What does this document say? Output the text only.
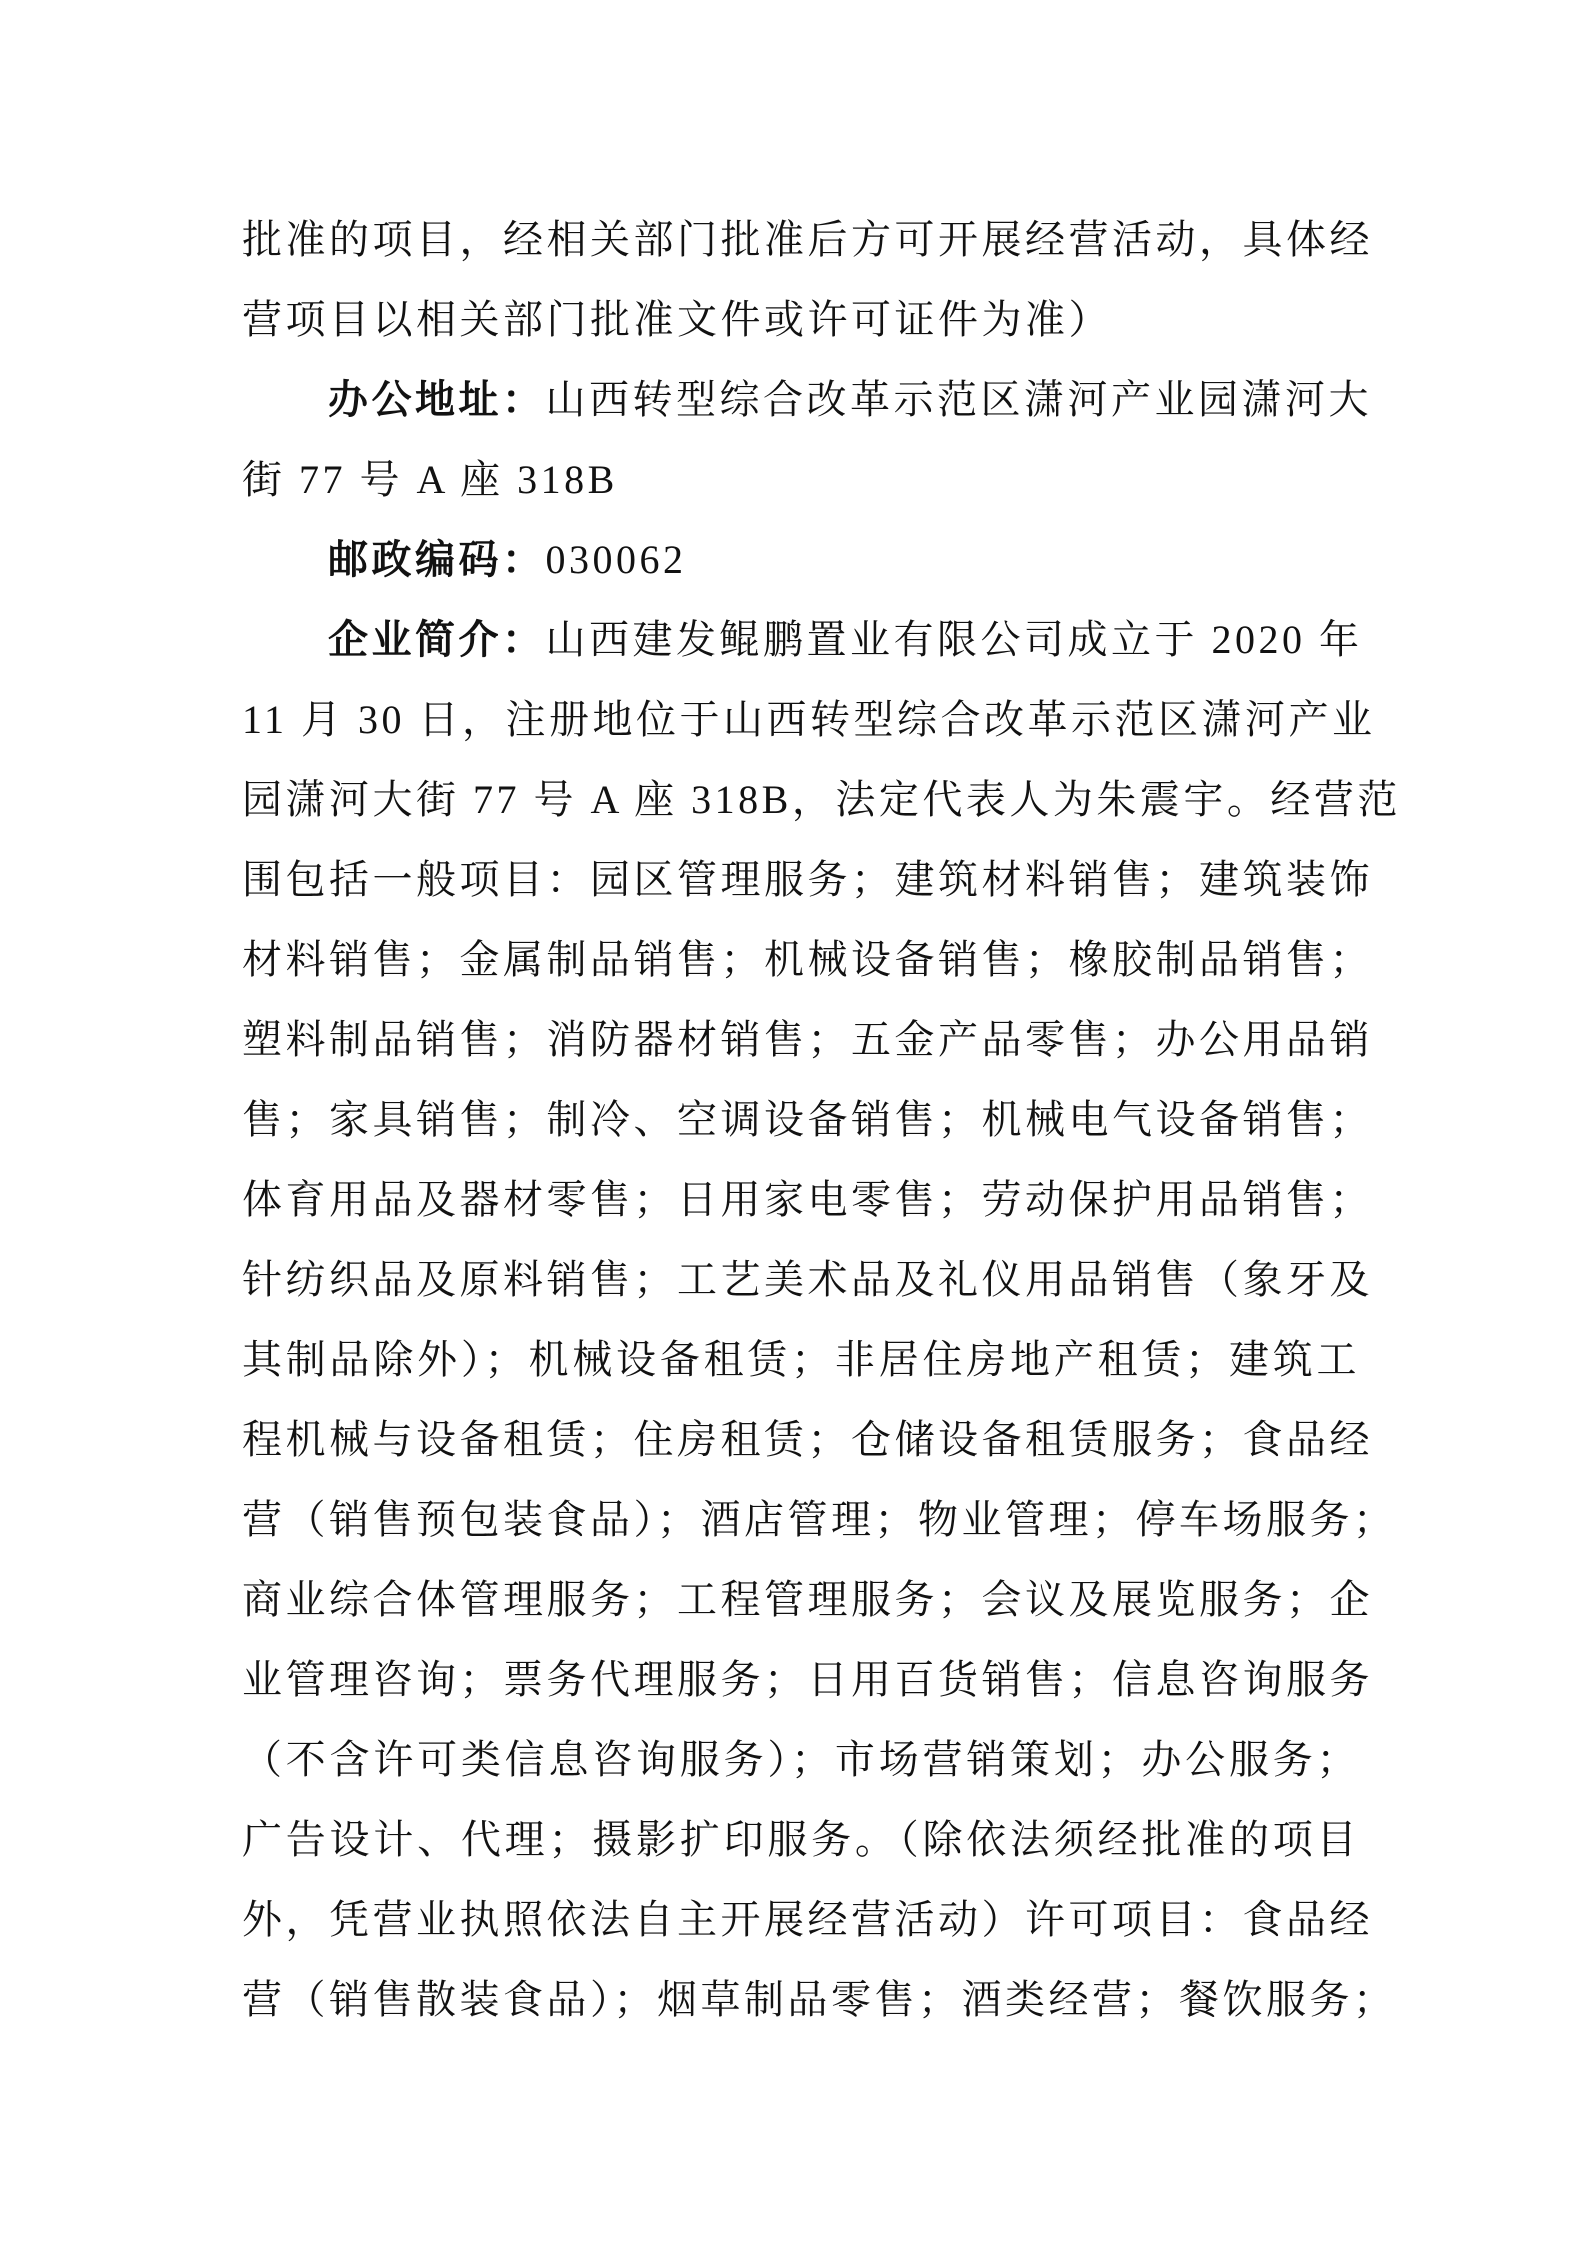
批准的项目，经相关部门批准后方可开展经营活动，具体经
营项目以相关部门批准文件或许可证件为准）
办公地址：山西转型综合改革示范区潇河产业园潇河大
街 77 号 A 座 318B
邮政编码：030062
企业简介：山西建发鲲鹏置业有限公司成立于 2020 年
11 月 30 日，注册地位于山西转型综合改革示范区潇河产业
园潇河大街 77 号 A 座 318B，法定代表人为朱震宇。经营范
围包括一般项目：园区管理服务；建筑材料销售；建筑装饰
材料销售；金属制品销售；机械设备销售；橡胶制品销售；
塑料制品销售；消防器材销售；五金产品零售；办公用品销
售；家具销售；制冷、空调设备销售；机械电气设备销售；
体育用品及器材零售；日用家电零售；劳动保护用品销售；
针纺织品及原料销售；工艺美术品及礼仪用品销售（象牙及
其制品除外）；机械设备租赁；非居住房地产租赁；建筑工
程机械与设备租赁；住房租赁；仓储设备租赁服务；食品经
营（销售预包装食品）；酒店管理；物业管理；停车场服务；
商业综合体管理服务；工程管理服务；会议及展览服务；企
业管理咨询；票务代理服务；日用百货销售；信息咨询服务
（不含许可类信息咨询服务）；市场营销策划；办公服务；
广告设计、代理；摄影扩印服务。（除依法须经批准的项目
外，凭营业执照依法自主开展经营活动）许可项目：食品经
营（销售散装食品）；烟草制品零售；酒类经营；餐饮服务；
